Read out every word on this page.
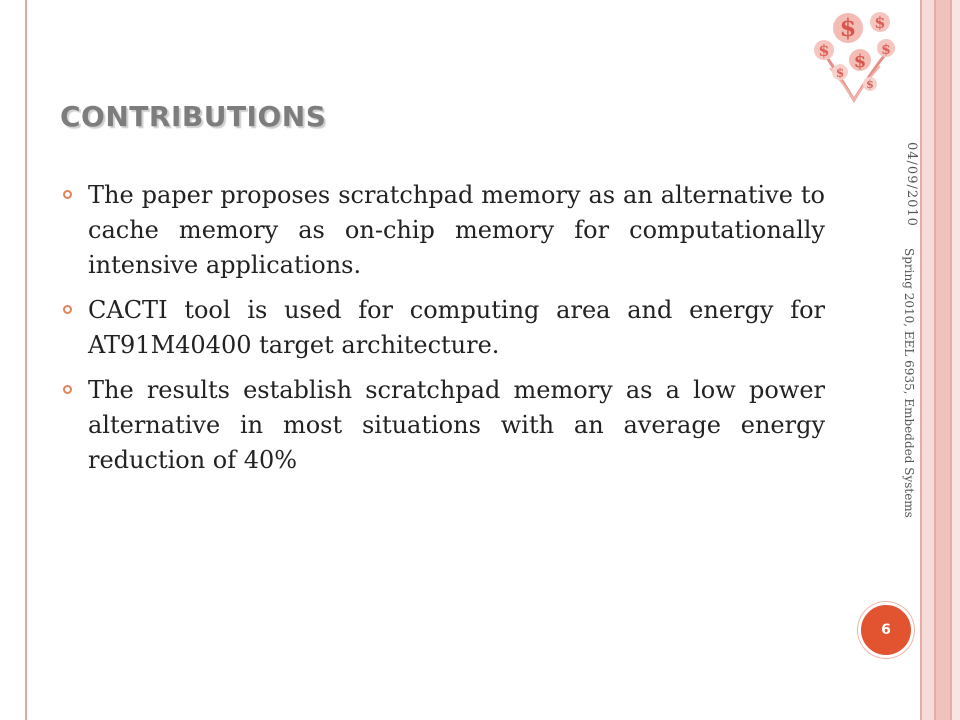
$ $
$	$
$
$
$
CONTRIBUTIONS
The paper proposes scratchpad memory as an alternative to cache memory as on-chip memory for computationally intensive applications.
CACTI tool is used for computing area and energy for AT91M40400 target architecture.
The results establish scratchpad memory as a low power alternative in most situations with an average energy reduction of 40%
04/09/2010
Spring 2010, EEL 6935, Embedded Systems
6
